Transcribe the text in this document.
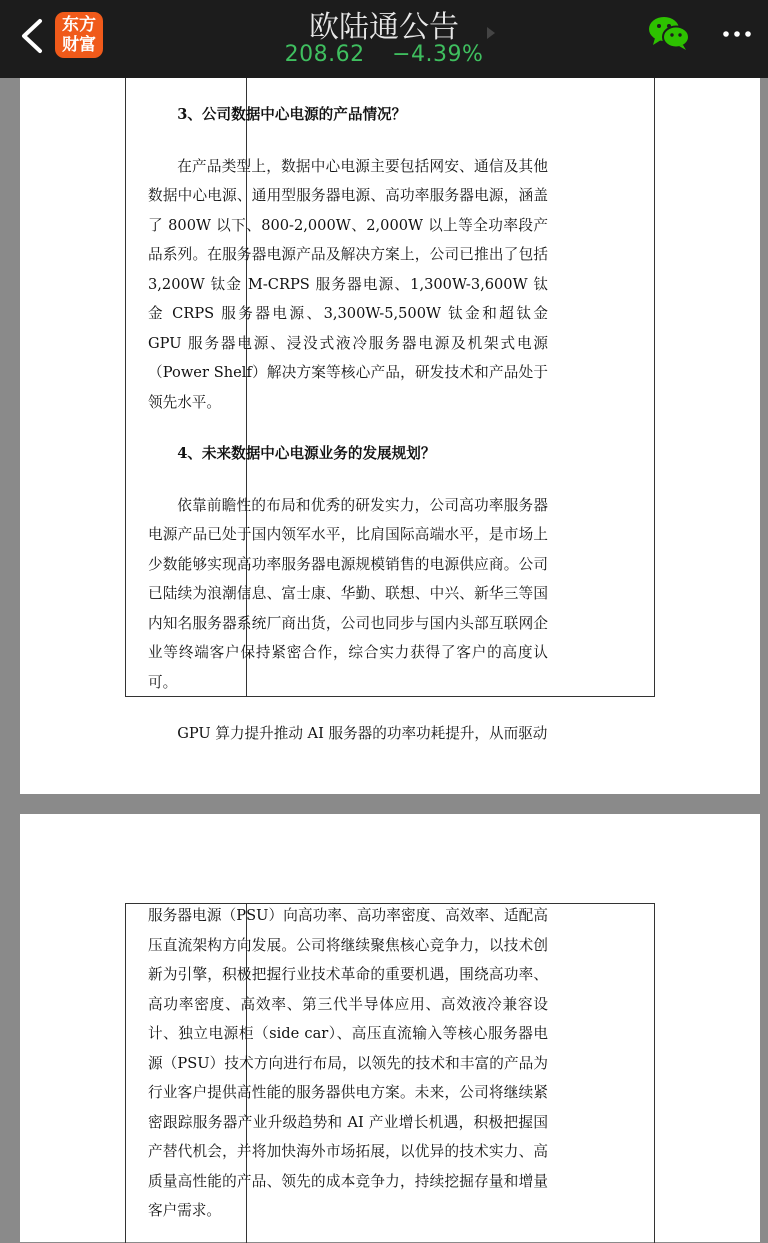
东方
财富	欧陆通公告
208.62 −4.39%
3、公司数据中心电源的产品情况？

在产品类型上，数据中心电源主要包括网安、通信及其他数据中心电源、通用型服务器电源、高功率服务器电源，涵盖了 800W 以下、800-2,000W、2,000W 以上等全功率段产品系列。在服务器电源产品及解决方案上，公司已推出了包括 3,200W 钛金 M-CRPS 服务器电源、1,300W-3,600W 钛金 CRPS 服务器电源、3,300W-5,500W 钛金和超钛金 GPU 服务器电源、浸没式液冷服务器电源及机架式电源（Power Shelf）解决方案等核心产品，研发技术和产品处于领先水平。

4、未来数据中心电源业务的发展规划？

依靠前瞻性的布局和优秀的研发实力，公司高功率服务器电源产品已处于国内领军水平，比肩国际高端水平，是市场上少数能够实现高功率服务器电源规模销售的电源供应商。公司已陆续为浪潮信息、富士康、华勤、联想、中兴、新华三等国内知名服务器系统厂商出货，公司也同步与国内头部互联网企业等终端客户保持紧密合作，综合实力获得了客户的高度认可。

GPU 算力提升推动 AI 服务器的功率功耗提升，从而驱动

服务器电源（PSU）向高功率、高功率密度、高效率、适配高压直流架构方向发展。公司将继续聚焦核心竞争力，以技术创新为引擎，积极把握行业技术革命的重要机遇，围绕高功率、高功率密度、高效率、第三代半导体应用、高效液冷兼容设计、独立电源柜（side car）、高压直流输入等核心服务器电源（PSU）技术方向进行布局，以领先的技术和丰富的产品为行业客户提供高性能的服务器供电方案。未来，公司将继续紧密跟踪服务器产业升级趋势和 AI 产业增长机遇，积极把握国产替代机会，并将加快海外市场拓展，以优异的技术实力、高质量高性能的产品、领先的成本竞争力，持续挖掘存量和增量客户需求。
